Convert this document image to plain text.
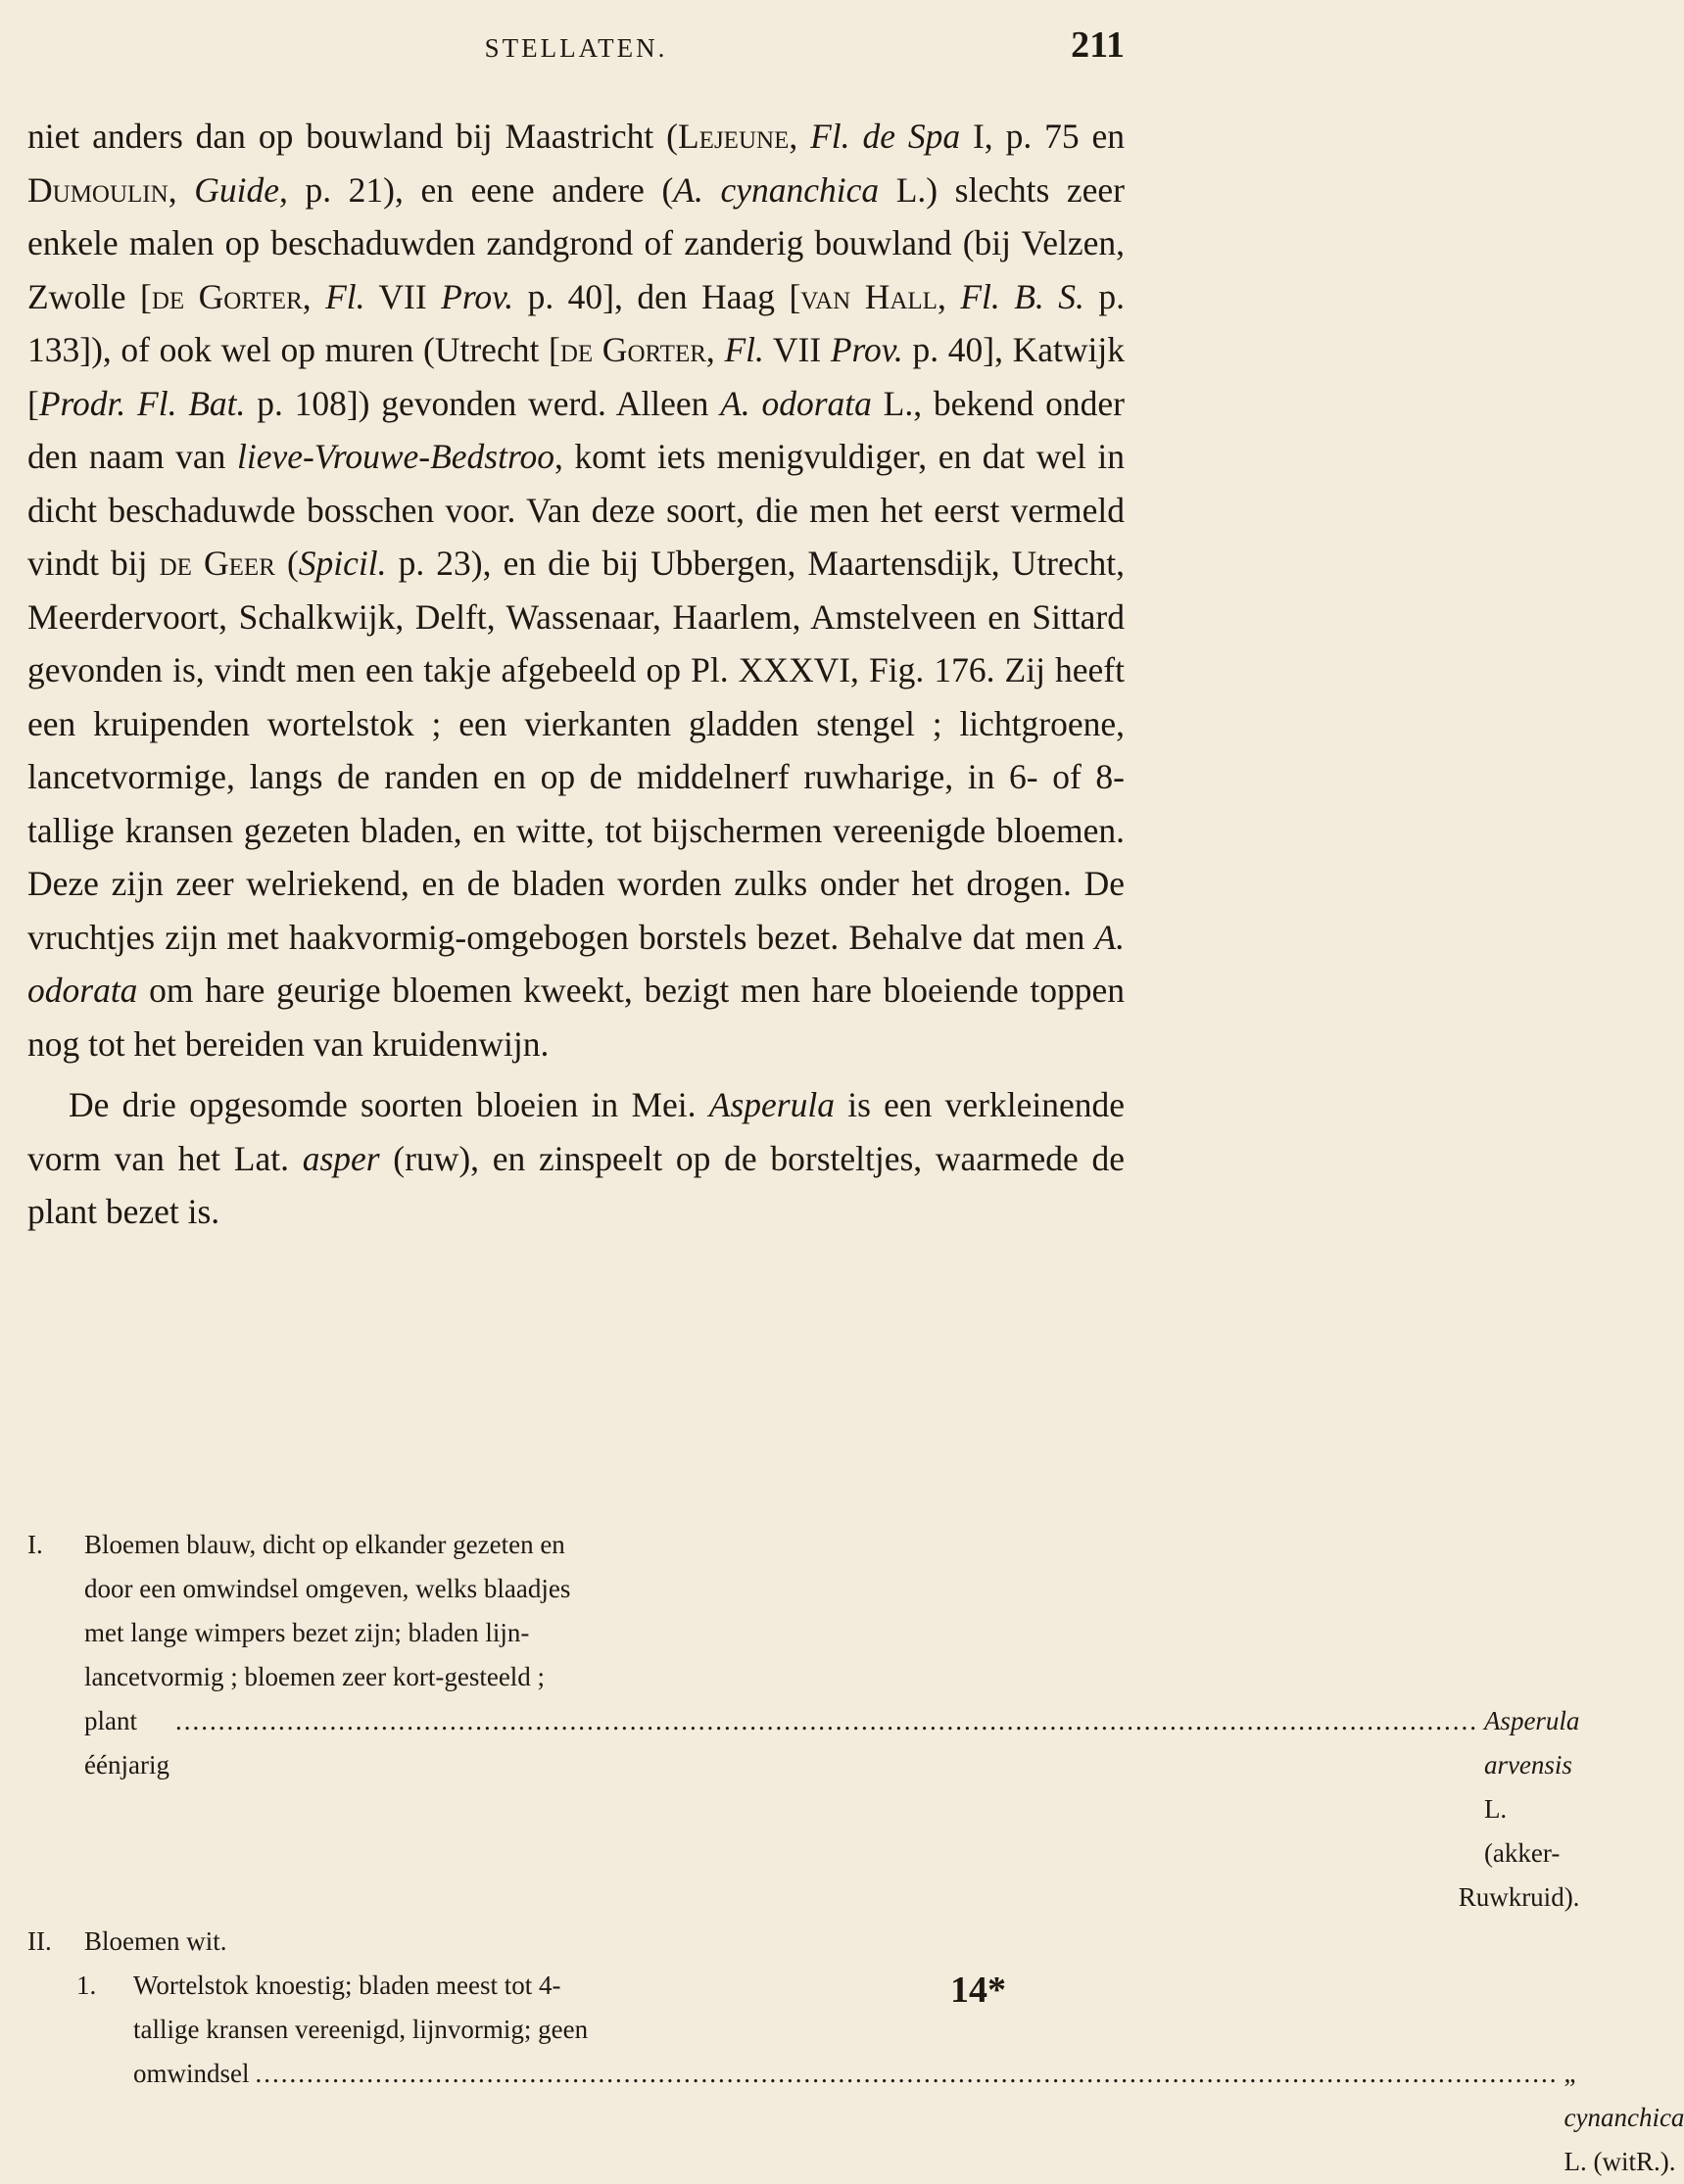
STELLATEN.	211

niet anders dan op bouwland bij Maastricht (Lejeune, Fl. de Spa I, p. 75 en Dumoulin, Guide, p. 21), en eene andere (A. cynanchica L.) slechts zeer enkele malen op beschaduwden zandgrond of zanderig bouwland (bij Velzen, Zwolle [de Gorter, Fl. VII Prov. p. 40], den Haag [van Hall, Fl. B. S. p. 133]), of ook wel op muren (Utrecht [de Gorter, Fl. VII Prov. p. 40], Katwijk [Prodr. Fl. Bat. p. 108]) gevonden werd. Alleen A. odorata L., bekend onder den naam van lieve-Vrouwe-Bedstroo, komt iets menigvuldiger, en dat wel in dicht beschaduwde bosschen voor. Van deze soort, die men het eerst vermeld vindt bij de Geer (Spicil. p. 23), en die bij Ubbergen, Maartensdijk, Utrecht, Meerdervoort, Schalkwijk, Delft, Wassenaar, Haarlem, Amstelveen en Sittard gevonden is, vindt men een takje afgebeeld op Pl. XXXVI, Fig. 176. Zij heeft een kruipenden wortelstok ; een vierkanten gladden stengel ; lichtgroene, lancetvormige, langs de randen en op de middelnerf ruwharige, in 6- of 8-tallige kransen gezeten bladen, en witte, tot bijschermen vereenigde bloemen. Deze zijn zeer welriekend, en de bladen worden zulks onder het drogen. De vruchtjes zijn met haakvormig-omgebogen borstels bezet. Behalve dat men A. odorata om hare geurige bloemen kweekt, bezigt men hare bloeiende toppen nog tot het bereiden van kruidenwijn.

De drie opgesomde soorten bloeien in Mei. Asperula is een verkleinende vorm van het Lat. asper (ruw), en zinspeelt op de borsteltjes, waarmede de plant bezet is.

I.	Bloemen blauw, dicht op elkander gezeten en
door een omwindsel omgeven, welks blaadjes
met lange wimpers bezet zijn; bladen lijn-
lancetvormig ; bloemen zeer kort-gesteeld ;
plant éénjarig
.....
Asperula arvensis L. (akker-
Ruwkruid).
II.	Bloemen wit.
1.	Wortelstok knoestig; bladen meest tot 4-
tallige kransen vereenigd, lijnvormig; geen
omwindsel
.....	„ cynanchica L. (witR.).
14*
